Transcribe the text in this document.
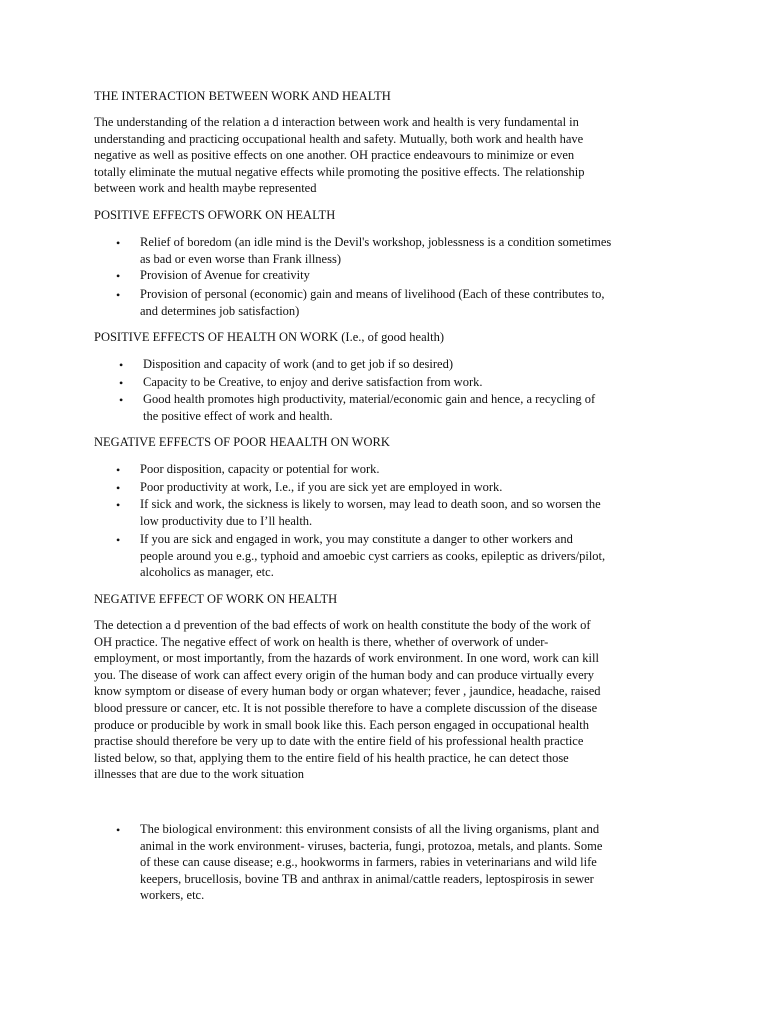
THE INTERACTION BETWEEN WORK AND HEALTH

The understanding of the relation a d interaction between work and health is very fundamental in
understanding and practicing occupational health and safety. Mutually, both work and health have
negative as well as positive effects on one another. OH practice endeavours to minimize or even
totally eliminate the mutual negative effects while promoting the positive effects. The relationship
between work and health maybe represented

POSITIVE EFFECTS OFWORK ON HEALTH
• Relief of boredom (an idle mind is the Devil's workshop, joblessness is a condition sometimes
as bad or even worse than Frank illness)
• Provision of Avenue for creativity
• Provision of personal (economic) gain and means of livelihood (Each of these contributes to,
and determines job satisfaction)
POSITIVE EFFECTS OF HEALTH ON WORK (I.e., of good health)
• Disposition and capacity of work (and to get job if so desired)
• Capacity to be Creative, to enjoy and derive satisfaction from work.
• Good health promotes high productivity, material/economic gain and hence, a recycling of
the positive effect of work and health.
NEGATIVE EFFECTS OF POOR HEAALTH ON WORK
• Poor disposition, capacity or potential for work.
• Poor productivity at work, I.e., if you are sick yet are employed in work.
• If sick and work, the sickness is likely to worsen, may lead to death soon, and so worsen the
low productivity due to I’ll health.
• If you are sick and engaged in work, you may constitute a danger to other workers and
people around you e.g., typhoid and amoebic cyst carriers as cooks, epileptic as drivers/pilot,
alcoholics as manager, etc.
NEGATIVE EFFECT OF WORK ON HEALTH

The detection a d prevention of the bad effects of work on health constitute the body of the work of
OH practice. The negative effect of work on health is there, whether of overwork of under-
employment, or most importantly, from the hazards of work environment. In one word, work can kill
you. The disease of work can affect every origin of the human body and can produce virtually every
know symptom or disease of every human body or organ whatever; fever , jaundice, headache, raised
blood pressure or cancer, etc. It is not possible therefore to have a complete discussion of the disease
produce or producible by work in small book like this. Each person engaged in occupational health
practise should therefore be very up to date with the entire field of his professional health practice
listed below, so that, applying them to the entire field of his health practice, he can detect those
illnesses that are due to the work situation

• The biological environment: this environment consists of all the living organisms, plant and
animal in the work environment- viruses, bacteria, fungi, protozoa, metals, and plants. Some
of these can cause disease; e.g., hookworms in farmers, rabies in veterinarians and wild life
keepers, brucellosis, bovine TB and anthrax in animal/cattle readers, leptospirosis in sewer
workers, etc.
